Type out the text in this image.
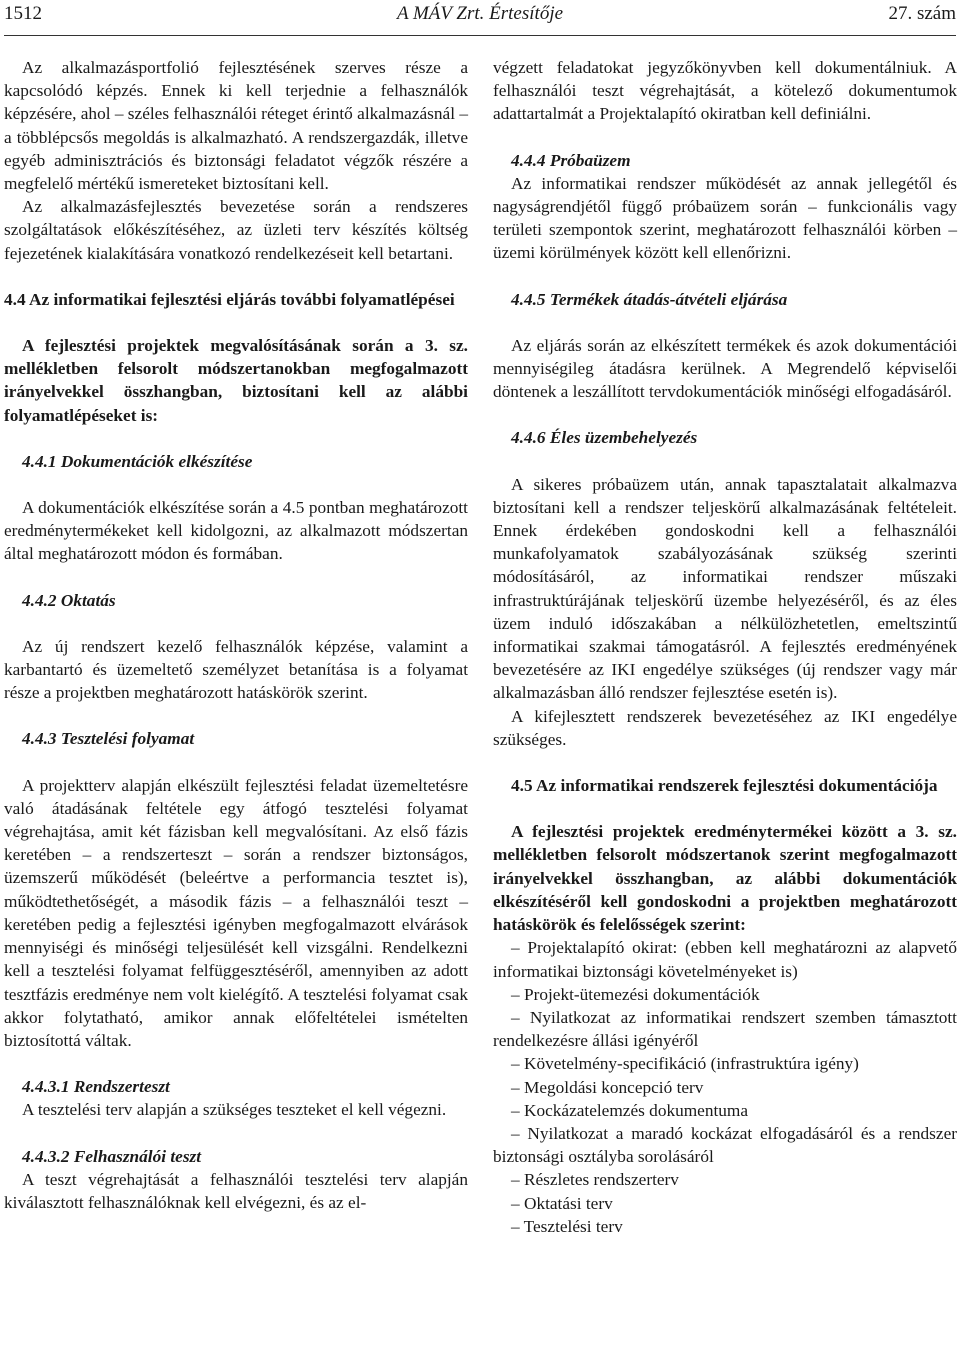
1512	A MÁV Zrt. Értesítője	27. szám

Az alkalmazásportfolió fejlesztésének szerves része a kapcsolódó képzés. Ennek ki kell terjednie a felhasználók képzésére, ahol – széles felhasználói réteget érintő alkalmazásnál – a többlépcsős megoldás is alkalmazható. A rendszergazdák, illetve egyéb adminisztrációs és biztonsági feladatot végzők részére a megfelelő mértékű ismereteket biztosítani kell.

Az alkalmazásfejlesztés bevezetése során a rendszeres szolgáltatások előkészítéséhez, az üzleti terv készítés költség fejezetének kialakítására vonatkozó rendelkezéseit kell betartani.

4.4 Az informatikai fejlesztési eljárás további folyamatlépései

A fejlesztési projektek megvalósításának során a 3. sz. mellékletben felsorolt módszertanokban megfogalmazott irányelvekkel összhangban, biztosítani kell az alábbi folyamatlépéseket is:

4.4.1 Dokumentációk elkészítése

A dokumentációk elkészítése során a 4.5 pontban meghatározott eredménytermékeket kell kidolgozni, az alkalmazott módszertan által meghatározott módon és formában.

4.4.2 Oktatás

Az új rendszert kezelő felhasználók képzése, valamint a karbantartó és üzemeltető személyzet betanítása is a folyamat része a projektben meghatározott hatáskörök szerint.

4.4.3 Tesztelési folyamat

A projektterv alapján elkészült fejlesztési feladat üzemeltetésre való átadásának feltétele egy átfogó tesztelési folyamat végrehajtása, amit két fázisban kell megvalósítani. Az első fázis keretében – a rendszerteszt – során a rendszer biztonságos, üzemszerű működését (beleértve a performancia tesztet is), működtethetőségét, a második fázis – a felhasználói teszt – keretében pedig a fejlesztési igényben megfogalmazott elvárások mennyiségi és minőségi teljesülését kell vizsgálni. Rendelkezni kell a tesztelési folyamat felfüggesztéséről, amennyiben az adott tesztfázis eredménye nem volt kielégítő. A tesztelési folyamat csak akkor folytatható, amikor annak előfeltételei ismételten biztosítottá váltak.

4.4.3.1 Rendszerteszt

A tesztelési terv alapján a szükséges teszteket el kell végezni.

4.4.3.2 Felhasználói teszt

A teszt végrehajtását a felhasználói tesztelési terv alapján kiválasztott felhasználóknak kell elvégezni, és az el-

végzett feladatokat jegyzőkönyvben kell dokumentálniuk. A felhasználói teszt végrehajtását, a kötelező dokumentumok adattartalmát a Projektalapító okiratban kell definiálni.

4.4.4 Próbaüzem

Az informatikai rendszer működését az annak jellegétől és nagyságrendjétől függő próbaüzem során – funkcionális vagy területi szempontok szerint, meghatározott felhasználói körben – üzemi körülmények között kell ellenőrizni.

4.4.5 Termékek átadás-átvételi eljárása

Az eljárás során az elkészített termékek és azok dokumentációi mennyiségileg átadásra kerülnek. A Megrendelő képviselői döntenek a leszállított tervdokumentációk minőségi elfogadásáról.

4.4.6 Éles üzembehelyezés

A sikeres próbaüzem után, annak tapasztalatait alkalmazva biztosítani kell a rendszer teljeskörű alkalmazásának feltételeit. Ennek érdekében gondoskodni kell a felhasználói munkafolyamatok szabályozásának szükség szerinti módosításáról, az informatikai rendszer műszaki infrastruktúrájának teljeskörű üzembe helyezéséről, és az éles üzem induló időszakában a nélkülözhetetlen, emeltszintű informatikai szakmai támogatásról. A fejlesztés eredményének bevezetésére az IKI engedélye szükséges (új rendszer vagy már alkalmazásban álló rendszer fejlesztése esetén is).

A kifejlesztett rendszerek bevezetéséhez az IKI engedélye szükséges.

4.5 Az informatikai rendszerek fejlesztési dokumentációja

A fejlesztési projektek eredménytermékei között a 3. sz. mellékletben felsorolt módszertanok szerint megfogalmazott irányelvekkel összhangban, az alábbi dokumentációk elkészítéséről kell gondoskodni a projektben meghatározott hatáskörök és felelősségek szerint:

– Projektalapító okirat: (ebben kell meghatározni az alapvető informatikai biztonsági követelményeket is)

– Projekt-ütemezési dokumentációk

– Nyilatkozat az informatikai rendszert szemben támasztott rendelkezésre állási igényéről

– Követelmény-specifikáció (infrastruktúra igény)

– Megoldási koncepció terv

– Kockázatelemzés dokumentuma

– Nyilatkozat a maradó kockázat elfogadásáról és a rendszer biztonsági osztályba sorolásáról

– Részletes rendszerterv

– Oktatási terv

– Tesztelési terv
